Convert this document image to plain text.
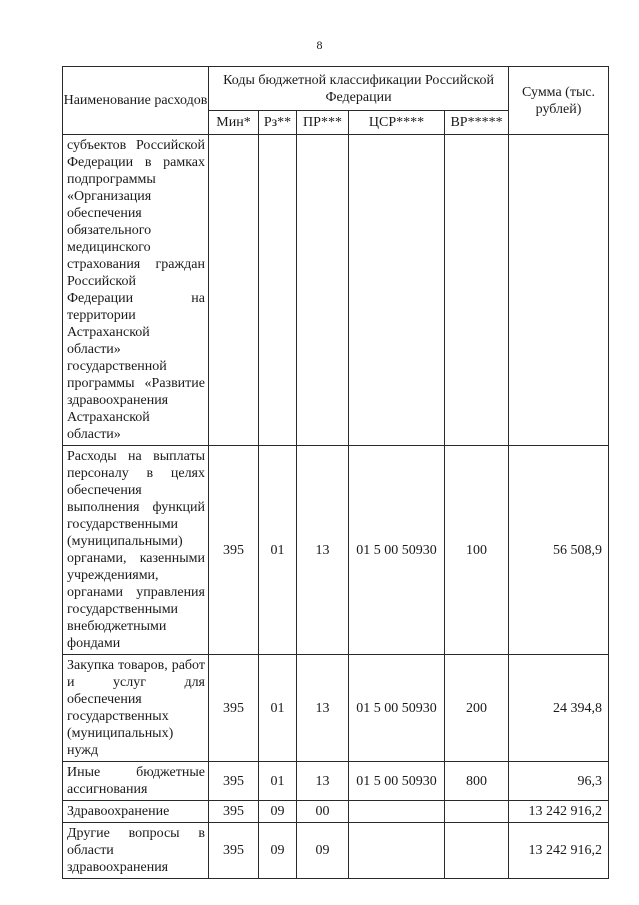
8
Наименование расходов	Коды бюджетной классификации Российской Федерации					Сумма (тыс. рублей)
	Мин*	Рз**	ПР***	ЦСР****	ВР*****	
субъектов Российской Федерации в рамках подпрограммы «Организация обеспечения обязательного медицинского страхования граждан Российской Федерации на территории Астраханской области» государственной программы «Развитие здравоохранения Астраханской области»						
Расходы на выплаты персоналу в целях обеспечения выполнения функций государственными (муниципальными) органами, казенными учреждениями, органами управления государственными внебюджетными фондами	395	01	13	01 5 00 50930	100	56 508,9
Закупка товаров, работ и услуг для обеспечения государственных (муниципальных) нужд	395	01	13	01 5 00 50930	200	24 394,8
Иные бюджетные ассигнования	395	01	13	01 5 00 50930	800	96,3
Здравоохранение	395	09	00			13 242 916,2
Другие вопросы в области здравоохранения	395	09	09			13 242 916,2
